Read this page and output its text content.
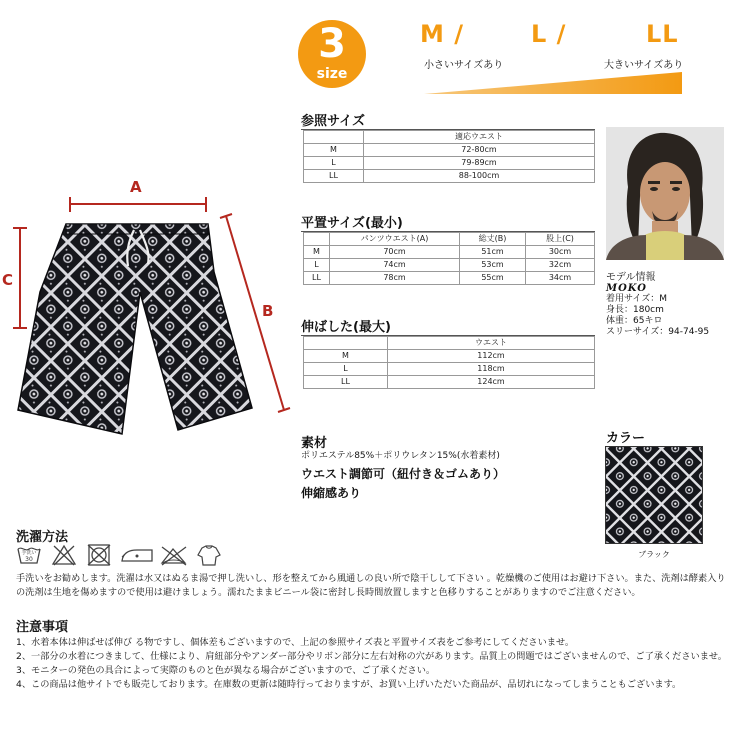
A
C
B
3
size
M /	L /	LL
小さいサイズあり	大きいサイズあり
参照サイズ
	適応ウエスト
M	72-80cm
L	79-89cm
LL	88-100cm
平置サイズ(最小)
	パンツウエスト(A)	総丈(B)	股上(C)
M	70cm	51cm	30cm
L	74cm	53cm	32cm
LL	78cm	55cm	34cm
伸ばした(最大)
	ウエスト
M	112cm
L	118cm
LL	124cm
モデル情報
MOKO
着用サイズ：M
身長：180cm
体重：65キロ
スリーサイズ：94-74-95
素材
ポリエステル85%＋ポリウレタン15%(水着素材)
ウエスト調節可（紐付き＆ゴムあり）
伸縮感あり
カラー
ブラック
洗濯方法
手洗い
30
手洗いをお勧めします。洗濯は水又はぬるま湯で押し洗いし、形を整えてから風通しの良い所で陰干しして下さい 。乾燥機のご使用はお避け下さい。また、洗剤は酵素入りの洗剤は生地を傷めますので使用は避けましょう。濡れたままビニール袋に密封し長時間放置しますと色移りすることがありますのでご注意ください。
注意事項
1、水着本体は伸ばせば伸び る物ですし、個体差もございますので、上記の参照サイズ表と平置サイズ表をご参考にしてくださいませ。
2、一部分の水着につきまして、仕様により、肩紐部分やアンダー部分やリボン部分に左右対称の穴があります。品質上の問題ではございませんので、ご了承くださいませ。
3、モニターの発色の具合によって実際のものと色が異なる場合がございますので、ご了承ください。
4、この商品は他サイトでも販売しております。在庫数の更新は随時行っておりますが、お買い上げいただいた商品が、品切れになってしまうこともございます。
